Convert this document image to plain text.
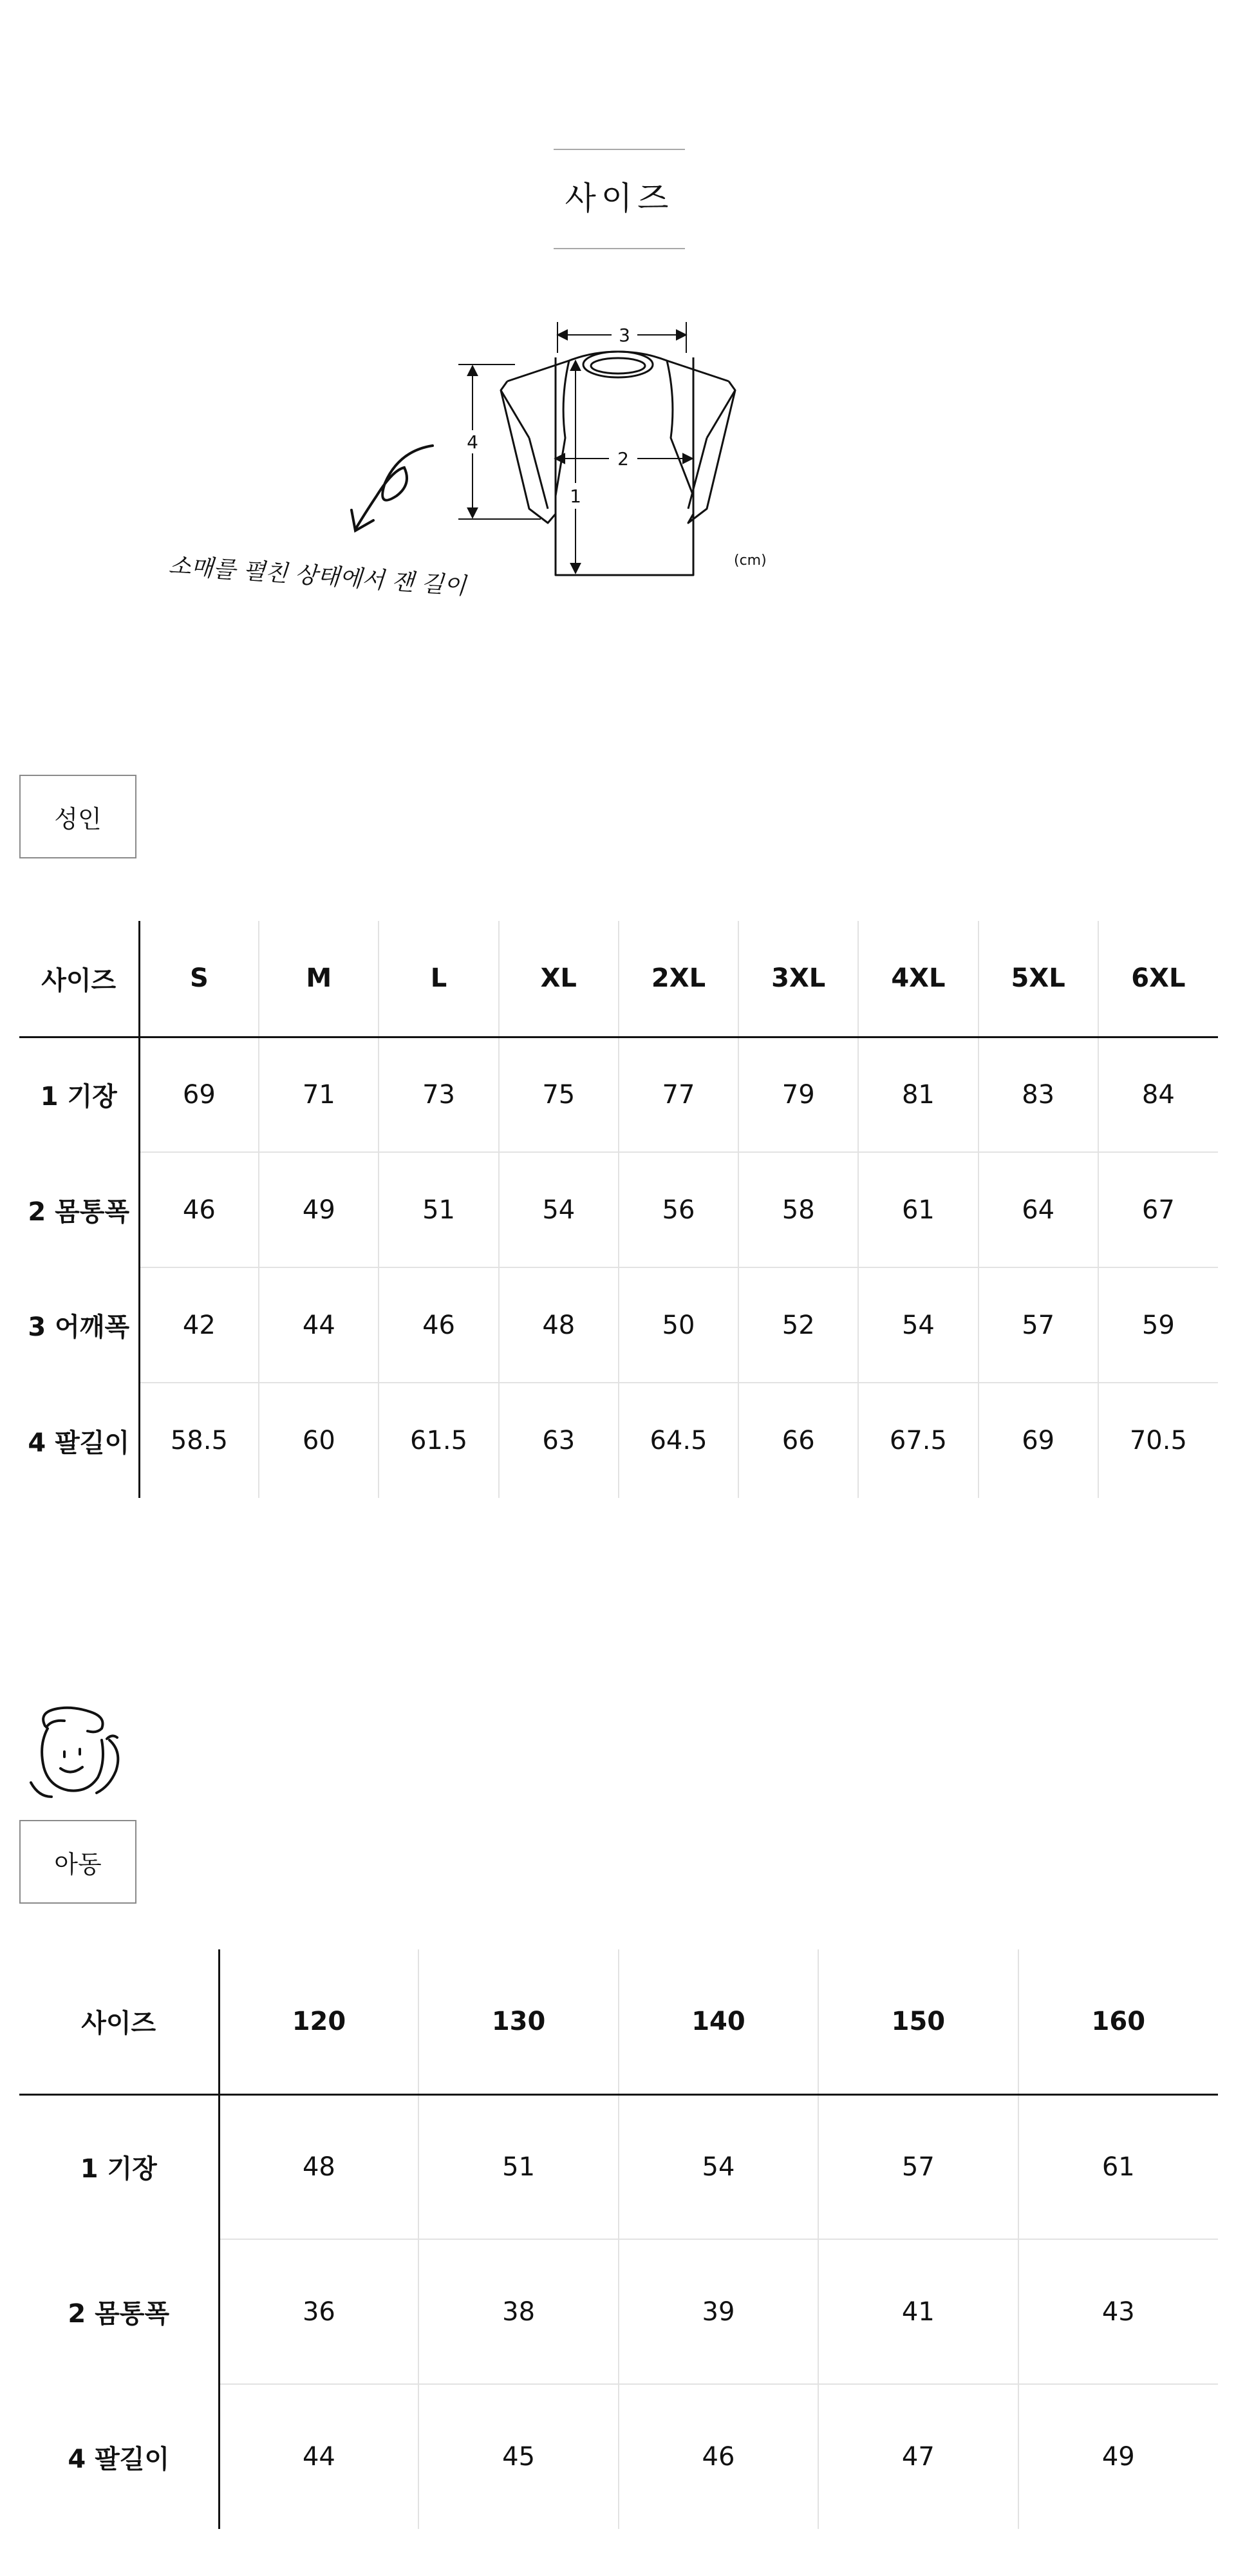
사이즈
3
2
1
4
소매를 펼친 상태에서 잰 길이	(cm)
성인
사이즈	S	M	L	XL	2XL	3XL	4XL	5XL	6XL
1 기장	69	71	73	75	77	79	81	83	84
2 몸통폭	46	49	51	54	56	58	61	64	67
3 어깨폭	42	44	46	48	50	52	54	57	59
4 팔길이	58.5	60	61.5	63	64.5	66	67.5	69	70.5
아동
사이즈	120	130	140	150	160
1 기장	48	51	54	57	61
2 몸통폭	36	38	39	41	43
4 팔길이	44	45	46	47	49
